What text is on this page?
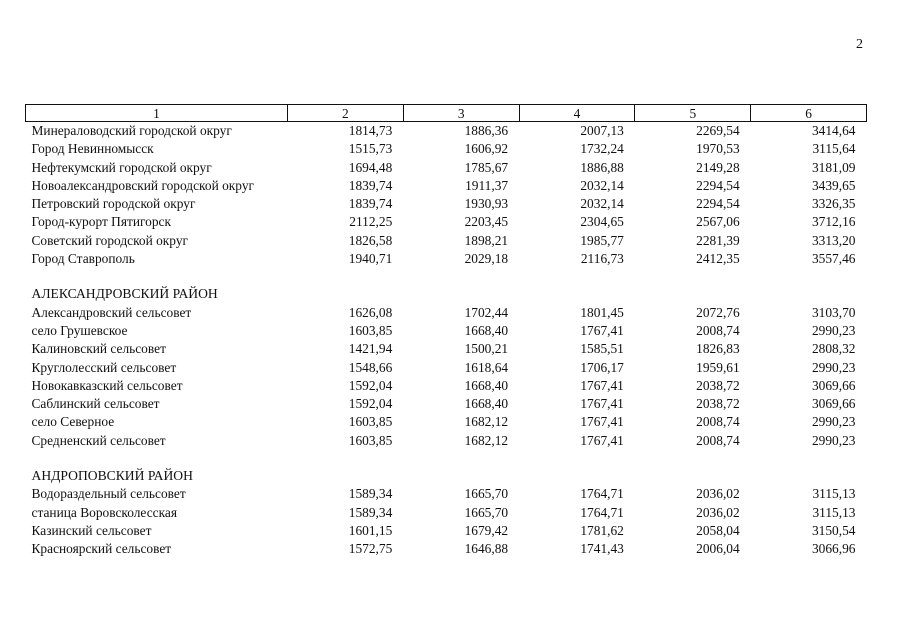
2
1	2	3	4	5	6
Минераловодский городской округ	1814,73	1886,36	2007,13	2269,54	3414,64
Город Невинномысск	1515,73	1606,92	1732,24	1970,53	3115,64
Нефтекумский городской округ	1694,48	1785,67	1886,88	2149,28	3181,09
Новоалександровский городской округ	1839,74	1911,37	2032,14	2294,54	3439,65
Петровский городской округ	1839,74	1930,93	2032,14	2294,54	3326,35
Город-курорт Пятигорск	2112,25	2203,45	2304,65	2567,06	3712,16
Советский городской округ	1826,58	1898,21	1985,77	2281,39	3313,20
Город Ставрополь	1940,71	2029,18	2116,73	2412,35	3557,46

АЛЕКСАНДРОВСКИЙ РАЙОН					
Александровский сельсовет	1626,08	1702,44	1801,45	2072,76	3103,70
село Грушевское	1603,85	1668,40	1767,41	2008,74	2990,23
Калиновский сельсовет	1421,94	1500,21	1585,51	1826,83	2808,32
Круглолесский сельсовет	1548,66	1618,64	1706,17	1959,61	2990,23
Новокавказский сельсовет	1592,04	1668,40	1767,41	2038,72	3069,66
Саблинский сельсовет	1592,04	1668,40	1767,41	2038,72	3069,66
село Северное	1603,85	1682,12	1767,41	2008,74	2990,23
Средненский сельсовет	1603,85	1682,12	1767,41	2008,74	2990,23

АНДРОПОВСКИЙ РАЙОН					
Водораздельный сельсовет	1589,34	1665,70	1764,71	2036,02	3115,13
станица Воровсколесская	1589,34	1665,70	1764,71	2036,02	3115,13
Казинский сельсовет	1601,15	1679,42	1781,62	2058,04	3150,54
Красноярский сельсовет	1572,75	1646,88	1741,43	2006,04	3066,96
